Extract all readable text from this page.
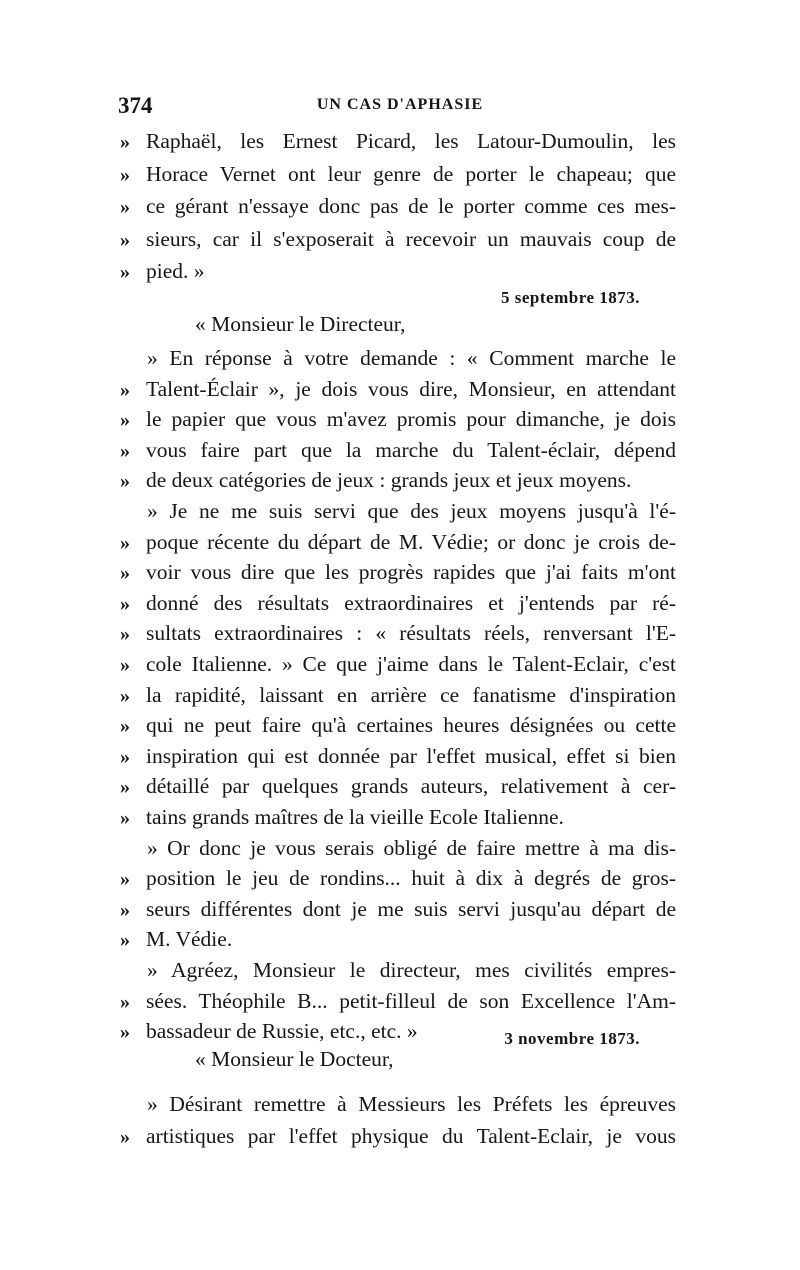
374	UN CAS D'APHASIE
» Raphaël, les Ernest Picard, les Latour-Dumoulin, les
» Horace Vernet ont leur genre de porter le chapeau; que
» ce gérant n'essaye donc pas de le porter comme ces mes-
» sieurs, car il s'exposerait à recevoir un mauvais coup de
» pied. »
5 septembre 1873.
« Monsieur le Directeur,
» En réponse à votre demande : « Comment marche le
» Talent-Éclair », je dois vous dire, Monsieur, en attendant
» le papier que vous m'avez promis pour dimanche, je dois
» vous faire part que la marche du Talent-éclair, dépend
» de deux catégories de jeux : grands jeux et jeux moyens.
» Je ne me suis servi que des jeux moyens jusqu'à l'é-
» poque récente du départ de M. Védie; or donc je crois de-
» voir vous dire que les progrès rapides que j'ai faits m'ont
» donné des résultats extraordinaires et j'entends par ré-
» sultats extraordinaires : « résultats réels, renversant l'E-
» cole Italienne. » Ce que j'aime dans le Talent-Eclair, c'est
» la rapidité, laissant en arrière ce fanatisme d'inspiration
» qui ne peut faire qu'à certaines heures désignées ou cette
» inspiration qui est donnée par l'effet musical, effet si bien
» détaillé par quelques grands auteurs, relativement à cer-
» tains grands maîtres de la vieille Ecole Italienne.
» Or donc je vous serais obligé de faire mettre à ma dis-
» position le jeu de rondins... huit à dix à degrés de gros-
» seurs différentes dont je me suis servi jusqu'au départ de
» M. Védie.
» Agréez, Monsieur le directeur, mes civilités empres-
» sées. Théophile B... petit-filleul de son Excellence l'Am-
» bassadeur de Russie, etc., etc. »	3 novembre 1873.
« Monsieur le Docteur,
» Désirant remettre à Messieurs les Préfets les épreuves
» artistiques par l'effet physique du Talent-Eclair, je vous
